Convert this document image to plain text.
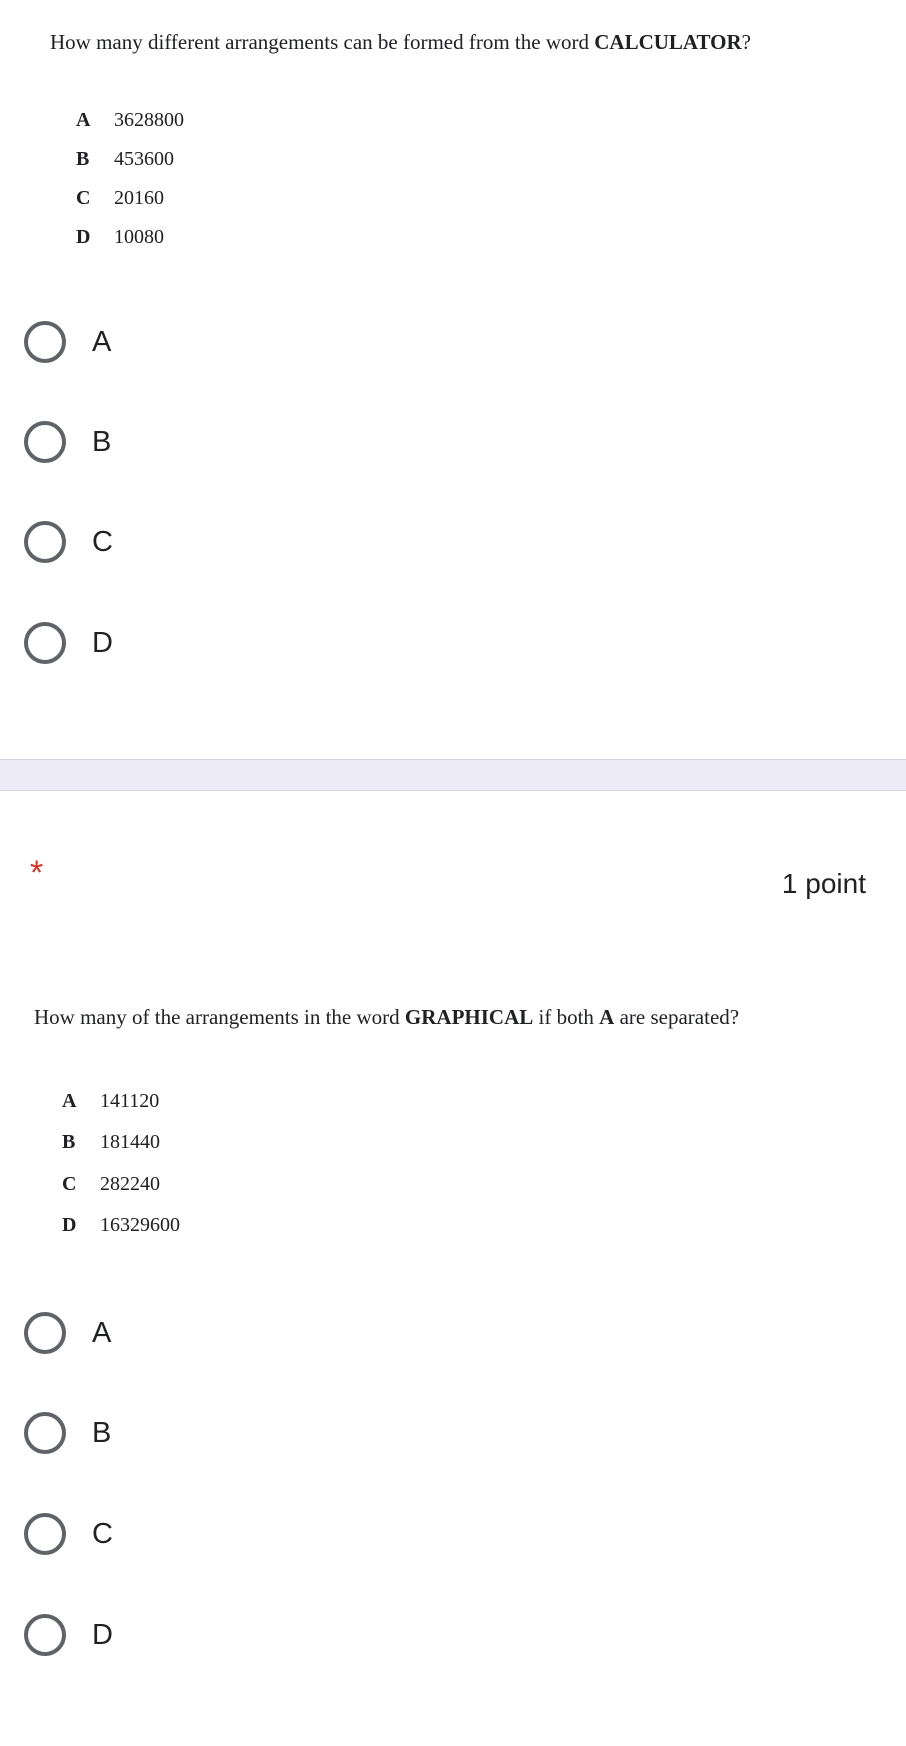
How many different arrangements can be formed from the word CALCULATOR?
A 3628800
B 453600
C 20160
D 10080
A
B
C
D
*	1 point
How many of the arrangements in the word GRAPHICAL if both A are separated?
A 141120
B 181440
C 282240
D 16329600
A
B
C
D
